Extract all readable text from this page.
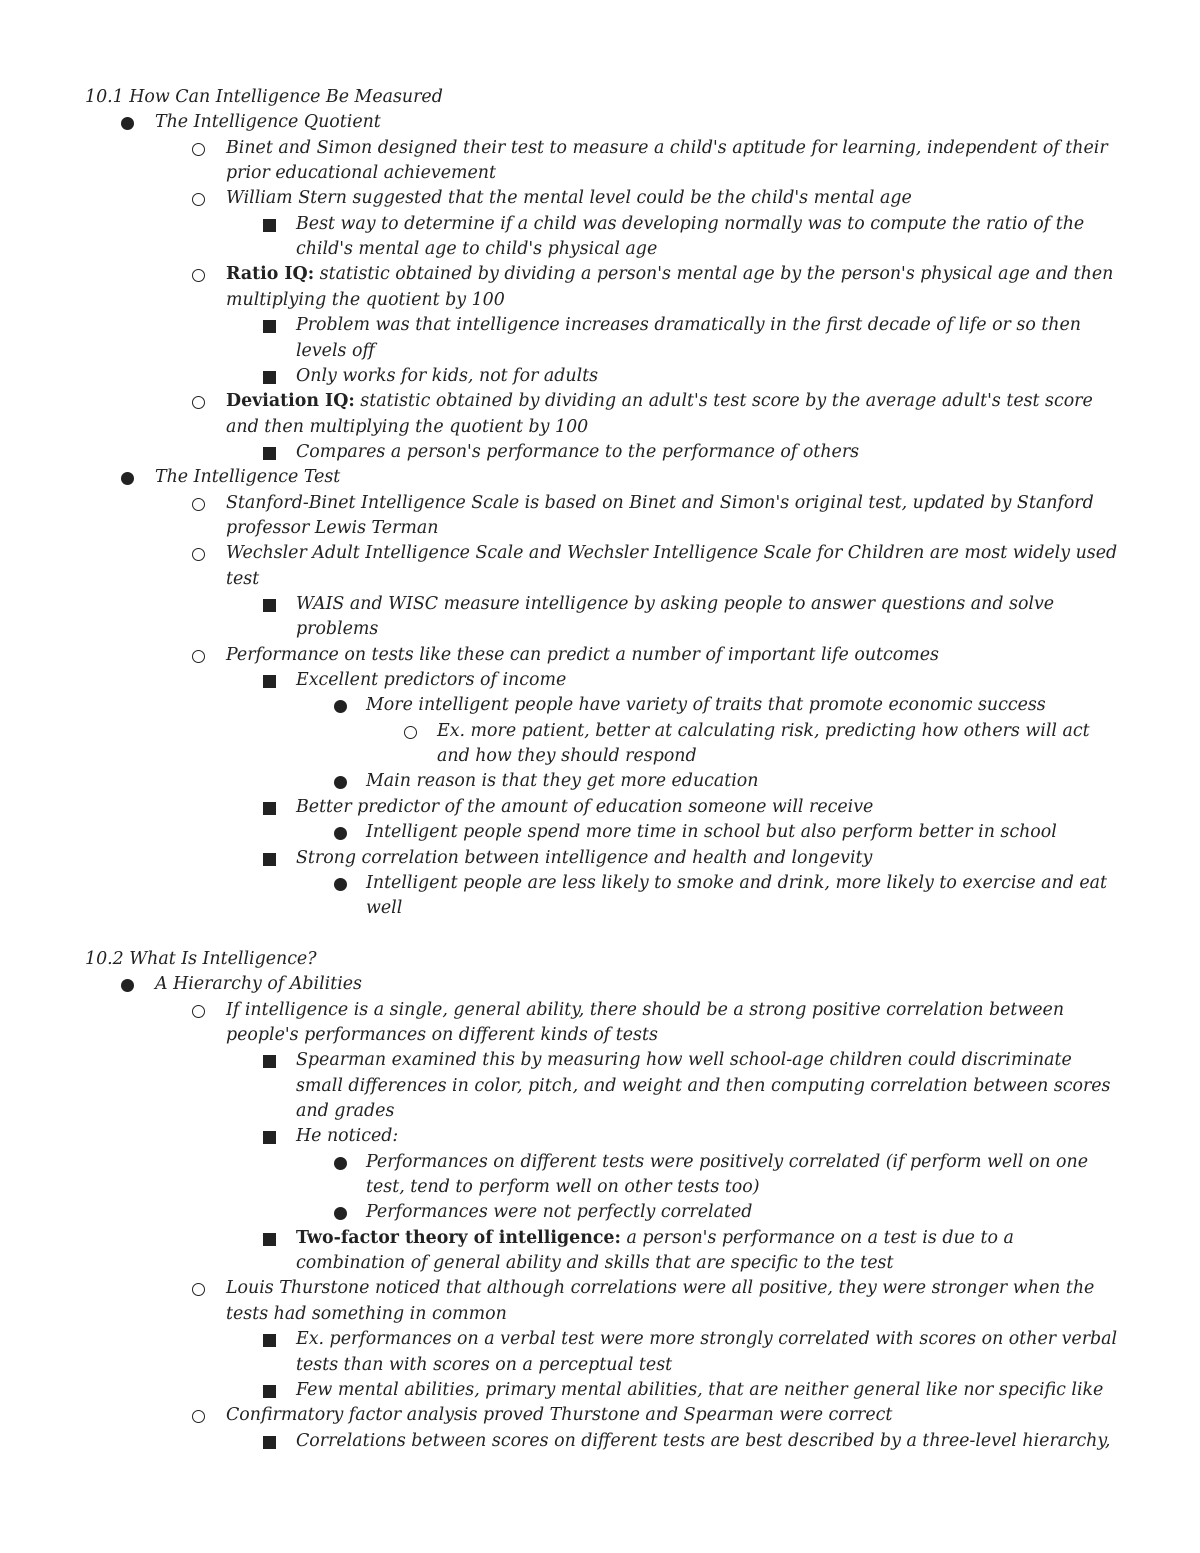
10.1 How Can Intelligence Be Measured
The Intelligence Quotient
Binet and Simon designed their test to measure a child's aptitude for learning, independent of their
prior educational achievement
William Stern suggested that the mental level could be the child's mental age
Best way to determine if a child was developing normally was to compute the ratio of the
child's mental age to child's physical age
Ratio IQ: statistic obtained by dividing a person's mental age by the person's physical age and then
multiplying the quotient by 100
Problem was that intelligence increases dramatically in the first decade of life or so then
levels off
Only works for kids, not for adults
Deviation IQ: statistic obtained by dividing an adult's test score by the average adult's test score
and then multiplying the quotient by 100
Compares a person's performance to the performance of others
The Intelligence Test
Stanford-Binet Intelligence Scale is based on Binet and Simon's original test, updated by Stanford
professor Lewis Terman
Wechsler Adult Intelligence Scale and Wechsler Intelligence Scale for Children are most widely used
test
WAIS and WISC measure intelligence by asking people to answer questions and solve
problems
Performance on tests like these can predict a number of important life outcomes
Excellent predictors of income
More intelligent people have variety of traits that promote economic success
Ex. more patient, better at calculating risk, predicting how others will act
and how they should respond
Main reason is that they get more education
Better predictor of the amount of education someone will receive
Intelligent people spend more time in school but also perform better in school
Strong correlation between intelligence and health and longevity
Intelligent people are less likely to smoke and drink, more likely to exercise and eat
well
10.2 What Is Intelligence?
A Hierarchy of Abilities
If intelligence is a single, general ability, there should be a strong positive correlation between
people's performances on different kinds of tests
Spearman examined this by measuring how well school-age children could discriminate
small differences in color, pitch, and weight and then computing correlation between scores
and grades
He noticed:
Performances on different tests were positively correlated (if perform well on one
test, tend to perform well on other tests too)
Performances were not perfectly correlated
Two-factor theory of intelligence: a person's performance on a test is due to a
combination of general ability and skills that are specific to the test
Louis Thurstone noticed that although correlations were all positive, they were stronger when the
tests had something in common
Ex. performances on a verbal test were more strongly correlated with scores on other verbal
tests than with scores on a perceptual test
Few mental abilities, primary mental abilities, that are neither general like nor specific like
Confirmatory factor analysis proved Thurstone and Spearman were correct
Correlations between scores on different tests are best described by a three-level hierarchy,
